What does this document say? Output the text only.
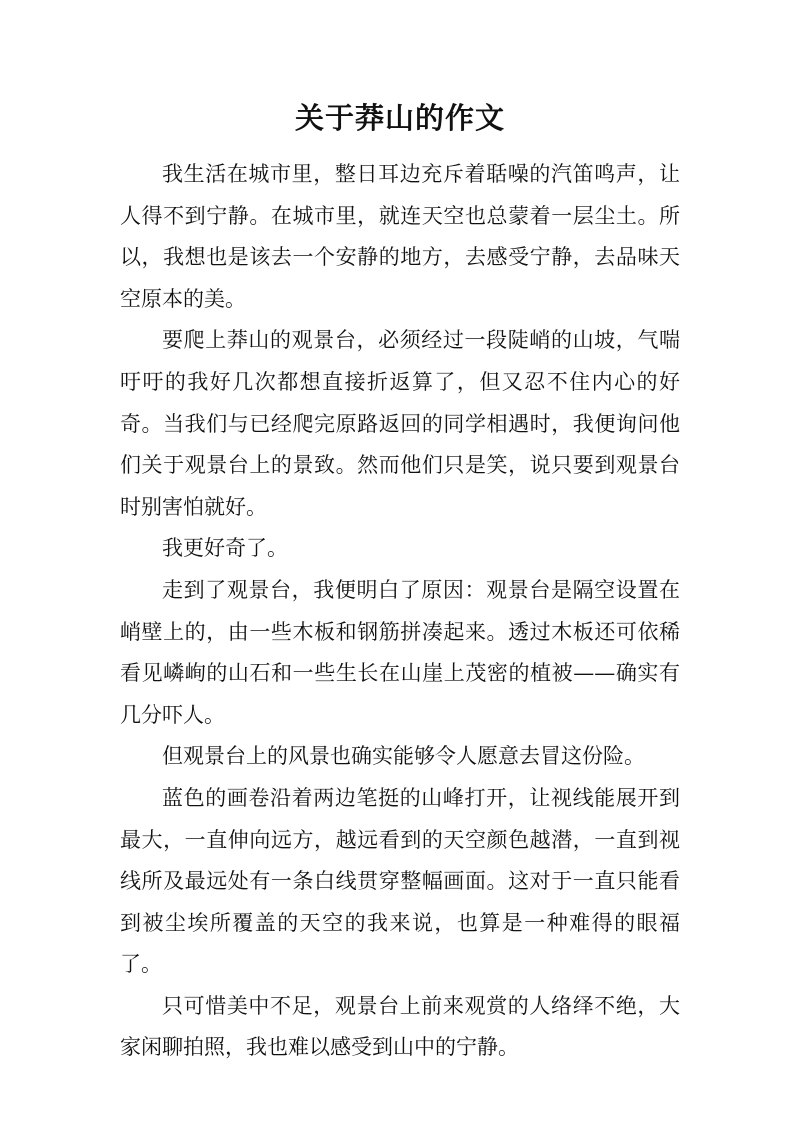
关于莽山的作文

我生活在城市里，整日耳边充斥着聒噪的汽笛鸣声，让人得不到宁静。在城市里，就连天空也总蒙着一层尘土。所以，我想也是该去一个安静的地方，去感受宁静，去品味天空原本的美。

要爬上莽山的观景台，必须经过一段陡峭的山坡，气喘吁吁的我好几次都想直接折返算了，但又忍不住内心的好奇。当我们与已经爬完原路返回的同学相遇时，我便询问他们关于观景台上的景致。然而他们只是笑，说只要到观景台时别害怕就好。

我更好奇了。

走到了观景台，我便明白了原因：观景台是隔空设置在峭壁上的，由一些木板和钢筋拼凑起来。透过木板还可依稀看见嶙峋的山石和一些生长在山崖上茂密的植被——确实有几分吓人。

但观景台上的风景也确实能够令人愿意去冒这份险。

蓝色的画卷沿着两边笔挺的山峰打开，让视线能展开到最大，一直伸向远方，越远看到的天空颜色越潜，一直到视线所及最远处有一条白线贯穿整幅画面。这对于一直只能看到被尘埃所覆盖的天空的我来说，也算是一种难得的眼福了。

只可惜美中不足，观景台上前来观赏的人络绎不绝，大家闲聊拍照，我也难以感受到山中的宁静。
